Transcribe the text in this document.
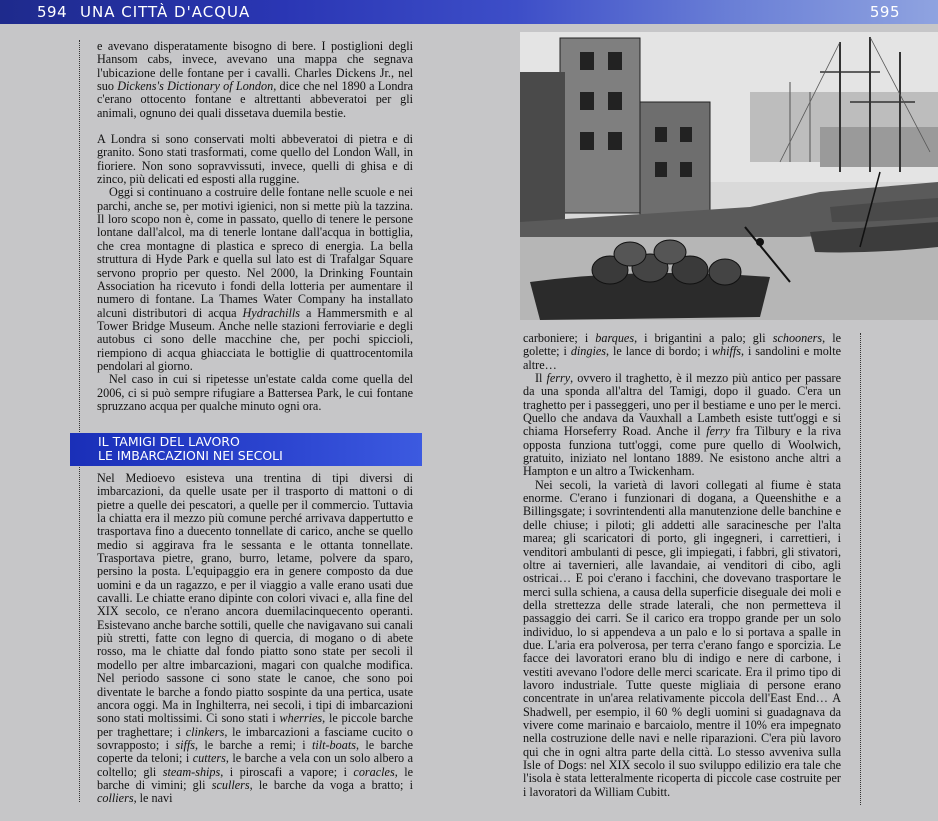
594 UNA CITTÀ D'ACQUA	595

e avevano disperatamente bisogno di bere. I postiglioni degli Hansom cabs, invece, avevano una mappa che segnava l'ubicazione delle fontane per i cavalli. Charles Dickens Jr., nel suo Dickens's Dictionary of London, dice che nel 1890 a Londra c'erano ottocento fontane e altrettanti abbeveratoi per gli animali, ognuno dei quali dissetava duemila bestie.

A Londra si sono conservati molti abbeveratoi di pietra e di granito. Sono stati trasformati, come quello del London Wall, in fioriere. Non sono sopravvissuti, invece, quelli di ghisa e di zinco, più delicati ed esposti alla ruggine.

Oggi si continuano a costruire delle fontane nelle scuole e nei parchi, anche se, per motivi igienici, non si mette più la tazzina. Il loro scopo non è, come in passato, quello di tenere le persone lontane dall'alcol, ma di tenerle lontane dall'acqua in bottiglia, che crea montagne di plastica e spreco di energia. La bella struttura di Hyde Park e quella sul lato est di Trafalgar Square servono proprio per questo. Nel 2000, la Drinking Fountain Association ha ricevuto i fondi della lotteria per aumentare il numero di fontane. La Thames Water Company ha installato alcuni distributori di acqua Hydrachills a Hammersmith e al Tower Bridge Museum. Anche nelle stazioni ferroviarie e degli autobus ci sono delle macchine che, per pochi spiccioli, riempiono di acqua ghiacciata le bottiglie di quattrocentomila pendolari al giorno.

Nel caso in cui si ripetesse un'estate calda come quella del 2006, ci si può sempre rifugiare a Battersea Park, le cui fontane spruzzano acqua per qualche minuto ogni ora.

IL TAMIGI DEL LAVORO
LE IMBARCAZIONI NEI SECOLI

Nel Medioevo esisteva una trentina di tipi diversi di imbarcazioni, da quelle usate per il trasporto di mattoni o di pietre a quelle dei pescatori, a quelle per il commercio. Tuttavia la chiatta era il mezzo più comune perché arrivava dappertutto e trasportava fino a duecento tonnellate di carico, anche se quello medio si aggirava fra le sessanta e le ottanta tonnellate. Trasportava pietre, grano, burro, letame, polvere da sparo, persino la posta. L'equipaggio era in genere composto da due uomini e da un ragazzo, e per il viaggio a valle erano usati due cavalli. Le chiatte erano dipinte con colori vivaci e, alla fine del XIX secolo, ce n'erano ancora duemilacinquecento operanti. Esistevano anche barche sottili, quelle che navigavano sui canali più stretti, fatte con legno di quercia, di mogano o di abete rosso, ma le chiatte dal fondo piatto sono state per secoli il modello per altre imbarcazioni, magari con qualche modifica. Nel periodo sassone ci sono state le canoe, che sono poi diventate le barche a fondo piatto sospinte da una pertica, usate ancora oggi. Ma in Inghilterra, nei secoli, i tipi di imbarcazioni sono stati moltissimi. Ci sono stati i wherries, le piccole barche per traghettare; i clinkers, le imbarcazioni a fasciame cucito o sovrapposto; i siffs, le barche a remi; i tilt-boats, le barche coperte da teloni; i cutters, le barche a vela con un solo albero a coltello; gli steam-ships, i piroscafi a vapore; i coracles, le barche di vimini; gli scullers, le barche da voga a bratto; i colliers, le navi

carboniere; i barques, i brigantini a palo; gli schooners, le golette; i dingies, le lance di bordo; i whiffs, i sandolini e molte altre…

Il ferry, ovvero il traghetto, è il mezzo più antico per passare da una sponda all'altra del Tamigi, dopo il guado. C'era un traghetto per i passeggeri, uno per il bestiame e uno per le merci. Quello che andava da Vauxhall a Lambeth esiste tutt'oggi e si chiama Horseferry Road. Anche il ferry fra Tilbury e la riva opposta funziona tutt'oggi, come pure quello di Woolwich, gratuito, iniziato nel lontano 1889. Ne esistono anche altri a Hampton e un altro a Twickenham.

Nei secoli, la varietà di lavori collegati al fiume è stata enorme. C'erano i funzionari di dogana, a Queenshithe e a Billingsgate; i sovrintendenti alla manutenzione delle banchine e delle chiuse; i piloti; gli addetti alle saracinesche per l'alta marea; gli scaricatori di porto, gli ingegneri, i carrettieri, i venditori ambulanti di pesce, gli impiegati, i fabbri, gli stivatori, oltre ai tavernieri, alle lavandaie, ai venditori di cibo, agli ostricai… E poi c'erano i facchini, che dovevano trasportare le merci sulla schiena, a causa della superficie diseguale dei moli e della strettezza delle strade laterali, che non permetteva il passaggio dei carri. Se il carico era troppo grande per un solo individuo, lo si appendeva a un palo e lo si portava a spalle in due. L'aria era polverosa, per terra c'erano fango e sporcizia. Le facce dei lavoratori erano blu di indigo e nere di carbone, i vestiti avevano l'odore delle merci scaricate. Era il primo tipo di lavoro industriale. Tutte queste migliaia di persone erano concentrate in un'area relativamente piccola dell'East End… A Shadwell, per esempio, il 60 % degli uomini si guadagnava da vivere come marinaio e barcaiolo, mentre il 10% era impegnato nella costruzione delle navi e nelle riparazioni. C'era più lavoro qui che in ogni altra parte della città. Lo stesso avveniva sulla Isle of Dogs: nel XIX secolo il suo sviluppo edilizio era tale che l'isola è stata letteralmente ricoperta di piccole case costruite per i lavoratori da William Cubitt.
